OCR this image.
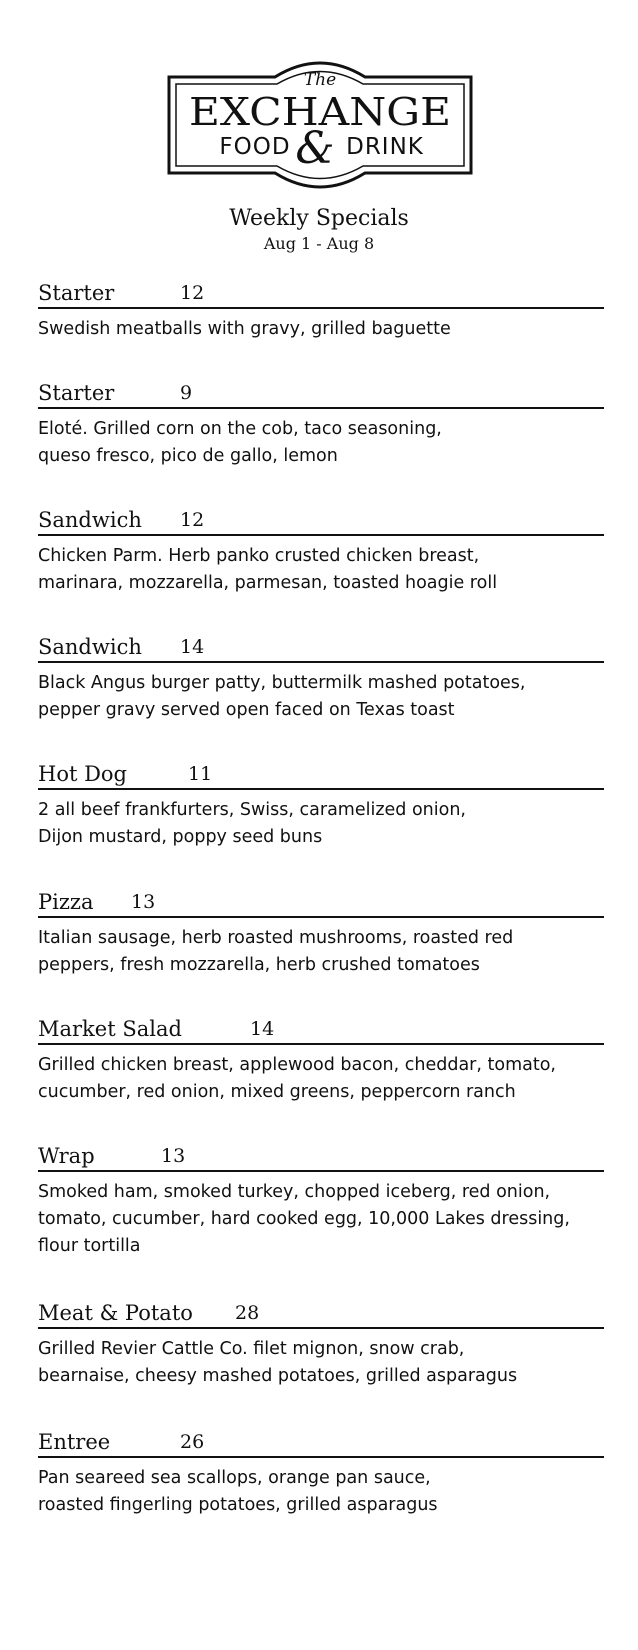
The
EXCHANGE
FOOD & DRINK
Weekly Specials
Aug 1 - Aug 8
Starter	12
Swedish meatballs with gravy, grilled baguette
Starter	9
Eloté. Grilled corn on the cob, taco seasoning,
queso fresco, pico de gallo, lemon
Sandwich 12
Chicken Parm. Herb panko crusted chicken breast,
marinara, mozzarella, parmesan, toasted hoagie roll
Sandwich 14
Black Angus burger patty, buttermilk mashed potatoes,
pepper gravy served open faced on Texas toast
Hot Dog	11
2 all beef frankfurters, Swiss, caramelized onion,
Dijon mustard, poppy seed buns
Pizza 13
Italian sausage, herb roasted mushrooms, roasted red
peppers, fresh mozzarella, herb crushed tomatoes
Market Salad	14
Grilled chicken breast, applewood bacon, cheddar, tomato,
cucumber, red onion, mixed greens, peppercorn ranch
Wrap	13
Smoked ham, smoked turkey, chopped iceberg, red onion,
tomato, cucumber, hard cooked egg, 10,000 Lakes dressing,
flour tortilla
Meat & Potato 28
Grilled Revier Cattle Co. filet mignon, snow crab,
bearnaise, cheesy mashed potatoes, grilled asparagus
Entree	26
Pan seareed sea scallops, orange pan sauce,
roasted fingerling potatoes, grilled asparagus
